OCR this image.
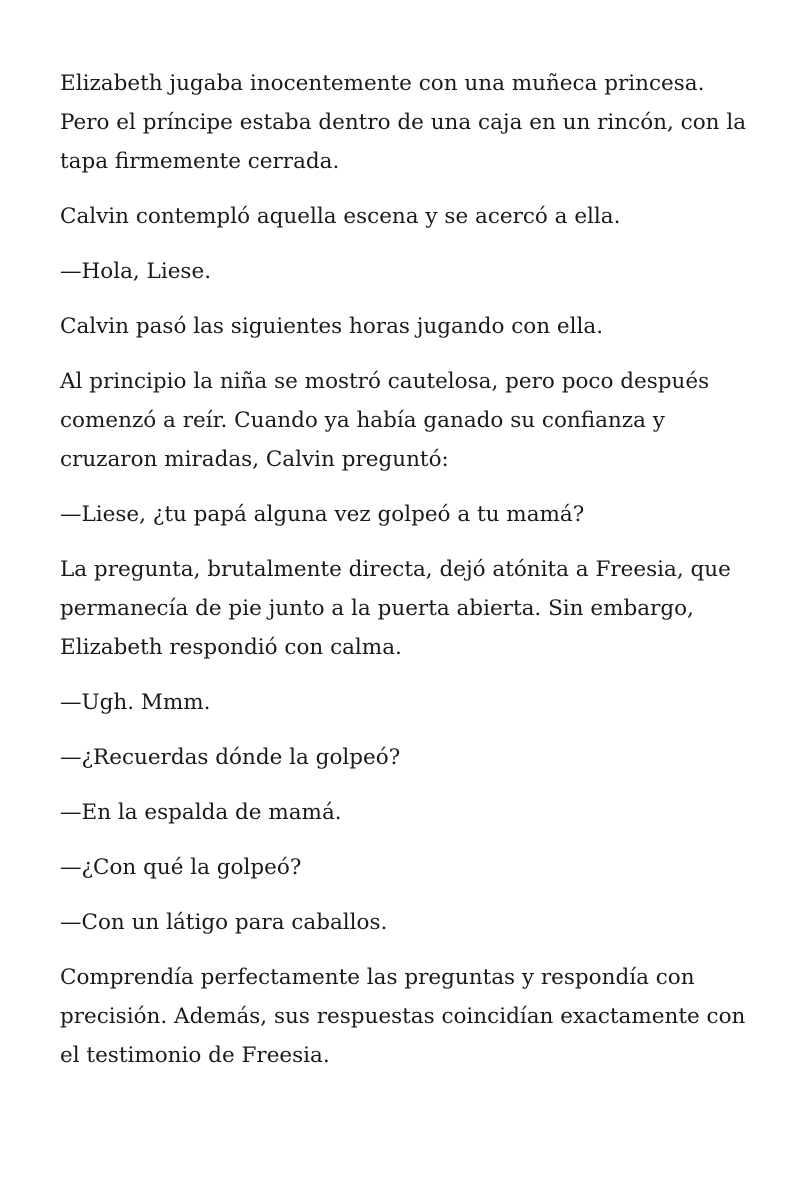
Elizabeth jugaba inocentemente con una muñeca princesa. Pero el príncipe estaba dentro de una caja en un rincón, con la tapa firmemente cerrada.

Calvin contempló aquella escena y se acercó a ella.

—Hola, Liese.

Calvin pasó las siguientes horas jugando con ella.

Al principio la niña se mostró cautelosa, pero poco después comenzó a reír. Cuando ya había ganado su confianza y cruzaron miradas, Calvin preguntó:

—Liese, ¿tu papá alguna vez golpeó a tu mamá?

La pregunta, brutalmente directa, dejó atónita a Freesia, que permanecía de pie junto a la puerta abierta. Sin embargo, Elizabeth respondió con calma.

—Ugh. Mmm.

—¿Recuerdas dónde la golpeó?

—En la espalda de mamá.

—¿Con qué la golpeó?

—Con un látigo para caballos.

Comprendía perfectamente las preguntas y respondía con precisión. Además, sus respuestas coincidían exactamente con el testimonio de Freesia.
